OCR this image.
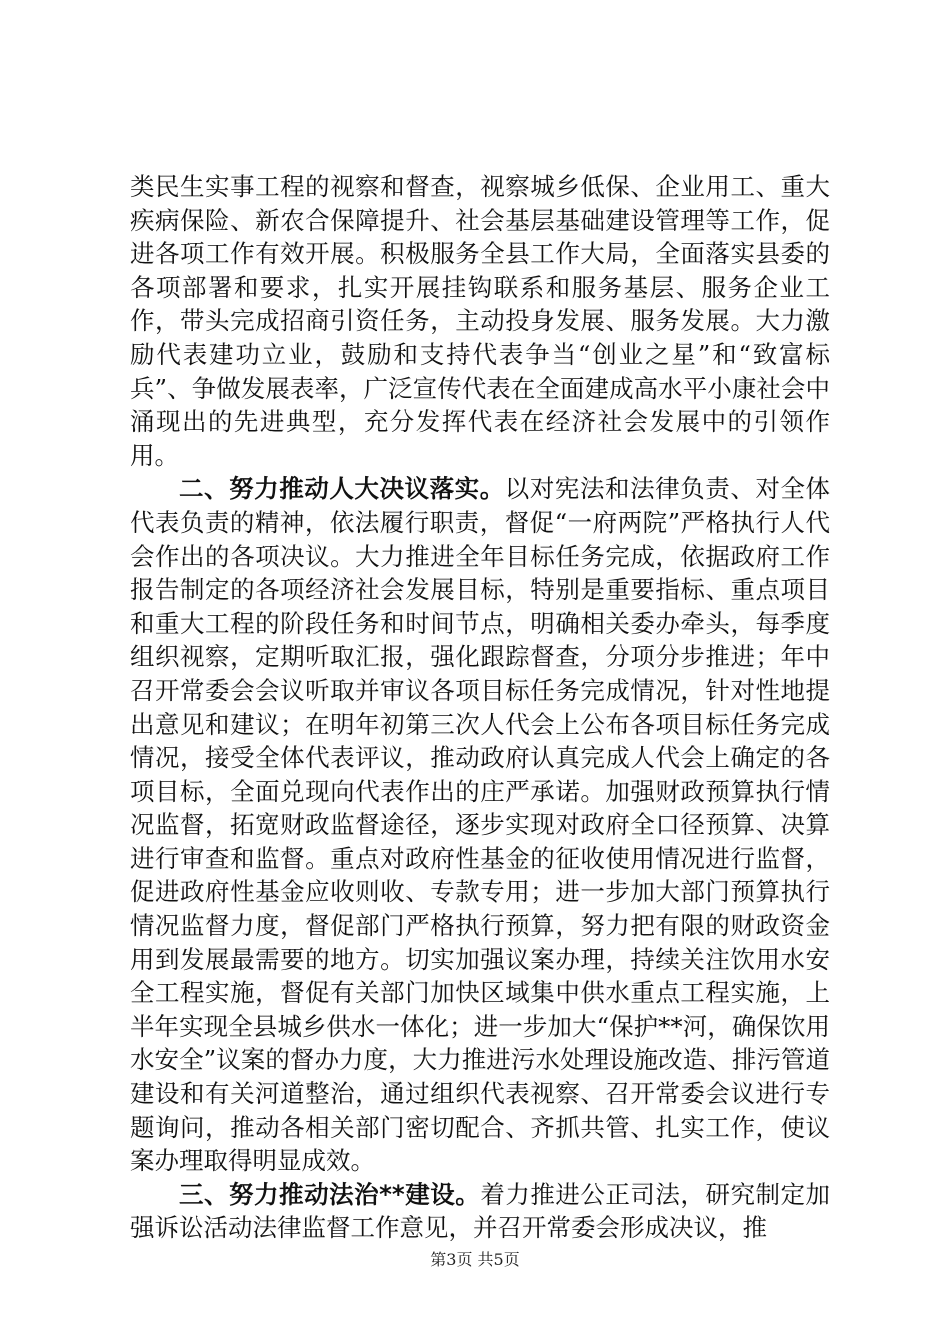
类民生实事工程的视察和督查，视察城乡低保、企业用工、重大疾病保险、新农合保障提升、社会基层基础建设管理等工作，促进各项工作有效开展。积极服务全县工作大局，全面落实县委的各项部署和要求，扎实开展挂钩联系和服务基层、服务企业工作，带头完成招商引资任务，主动投身发展、服务发展。大力激励代表建功立业，鼓励和支持代表争当“创业之星”和“致富标兵”、争做发展表率，广泛宣传代表在全面建成高水平小康社会中涌现出的先进典型，充分发挥代表在经济社会发展中的引领作用。

二、努力推动人大决议落实。以对宪法和法律负责、对全体代表负责的精神，依法履行职责，督促“一府两院”严格执行人代会作出的各项决议。大力推进全年目标任务完成，依据政府工作报告制定的各项经济社会发展目标，特别是重要指标、重点项目和重大工程的阶段任务和时间节点，明确相关委办牵头，每季度组织视察，定期听取汇报，强化跟踪督查，分项分步推进；年中召开常委会会议听取并审议各项目标任务完成情况，针对性地提出意见和建议；在明年初第三次人代会上公布各项目标任务完成情况，接受全体代表评议，推动政府认真完成人代会上确定的各项目标，全面兑现向代表作出的庄严承诺。加强财政预算执行情况监督，拓宽财政监督途径，逐步实现对政府全口径预算、决算进行审查和监督。重点对政府性基金的征收使用情况进行监督，促进政府性基金应收则收、专款专用；进一步加大部门预算执行情况监督力度，督促部门严格执行预算，努力把有限的财政资金用到发展最需要的地方。切实加强议案办理，持续关注饮用水安全工程实施，督促有关部门加快区域集中供水重点工程实施，上半年实现全县城乡供水一体化；进一步加大“保护**河，确保饮用水安全”议案的督办力度，大力推进污水处理设施改造、排污管道建设和有关河道整治，通过组织代表视察、召开常委会议进行专题询问，推动各相关部门密切配合、齐抓共管、扎实工作，使议案办理取得明显成效。

三、努力推动法治**建设。着力推进公正司法，研究制定加强诉讼活动法律监督工作意见，并召开常委会形成决议，推

第3页 共5页
